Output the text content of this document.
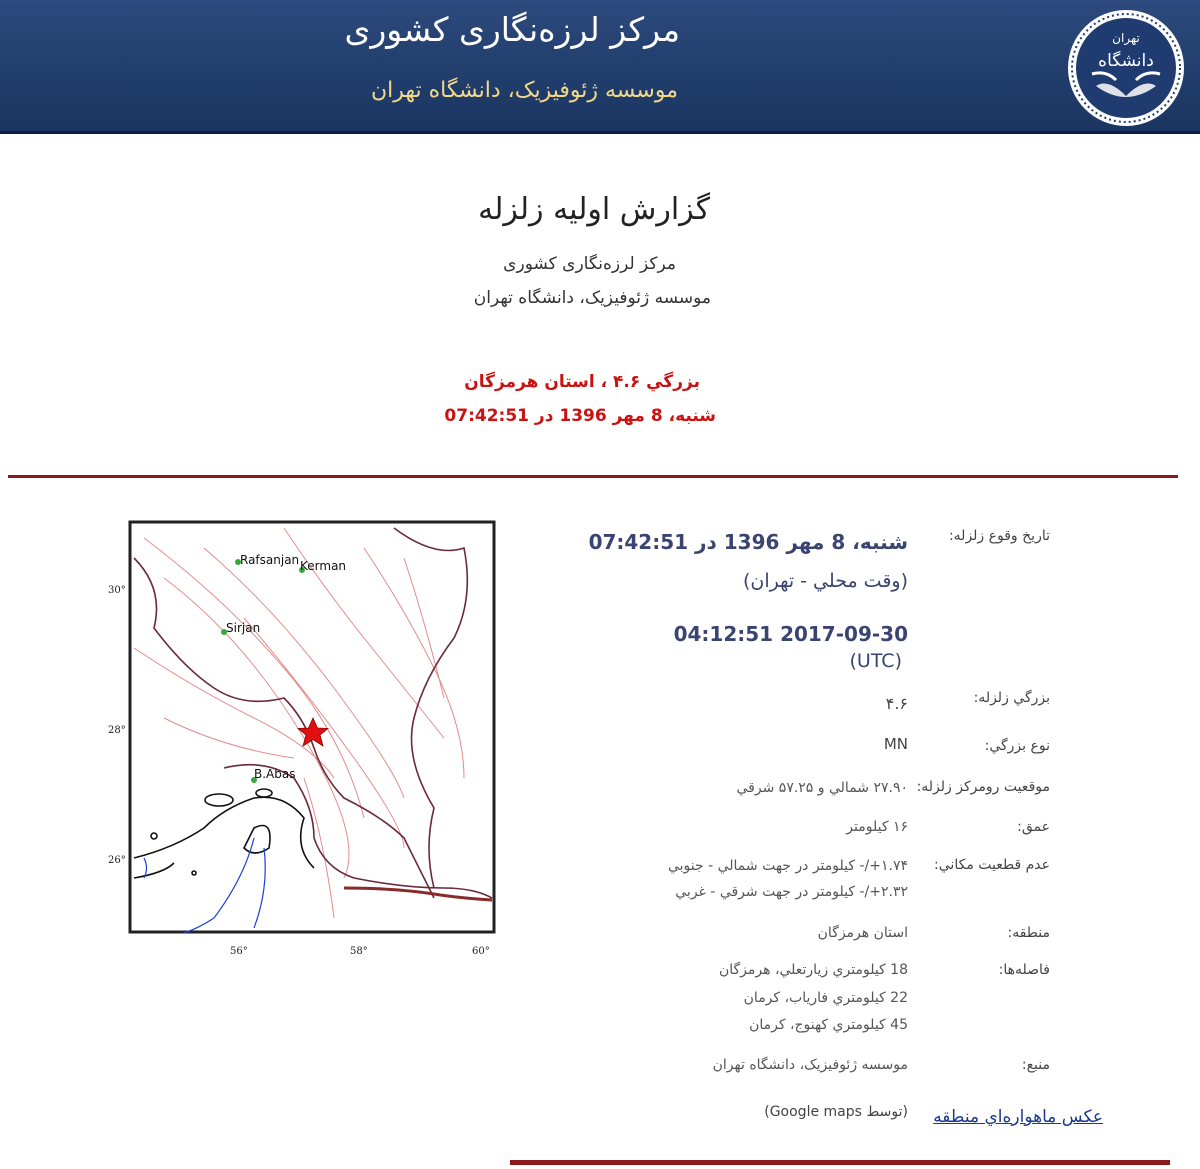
مرکز لرزه‌نگاری کشوری
موسسه ژئوفیزیک، دانشگاه تهران
دانشگاه
تهران
گزارش اولیه زلزله
مرکز لرزه‌نگاری کشوری
موسسه ژئوفیزیک، دانشگاه تهران
بزرگي ۴.۶ ، استان هرمزگان
شنبه، 8 مهر 1396 در 07:42:51
Rafsanjan Kerman
Sirjan
B.Abas
30°
28°
26°
56°	58°	60°
تاريخ وقوع زلزله:
شنبه، 8 مهر 1396 در 07:42:51
(وقت محلي - تهران)
2017-09-30 04:12:51
(UTC)
بزرگي زلزله:
۴.۶
نوع بزرگي:
MN
موقعيت رومرکز زلزله:
۲۷.۹۰ شمالي و ۵۷.۲۵ شرقي
عمق:
۱۶ کيلومتر
عدم قطعيت مکاني:
۱.۷۴+/- کيلومتر در جهت شمالي - جنوبي
۲.۳۲+/- کيلومتر در جهت شرقي - غربي
منطقه:
استان هرمزگان
فاصله‌ها:
18 کيلومتري زيارتعلي، هرمزگان
22 کيلومتري فارياب، کرمان
45 کيلومتري کهنوج، کرمان
منبع:
موسسه ژئوفيزيک، دانشگاه تهران
عکس ماهواره‌اي منطقه
(توسط Google maps)
